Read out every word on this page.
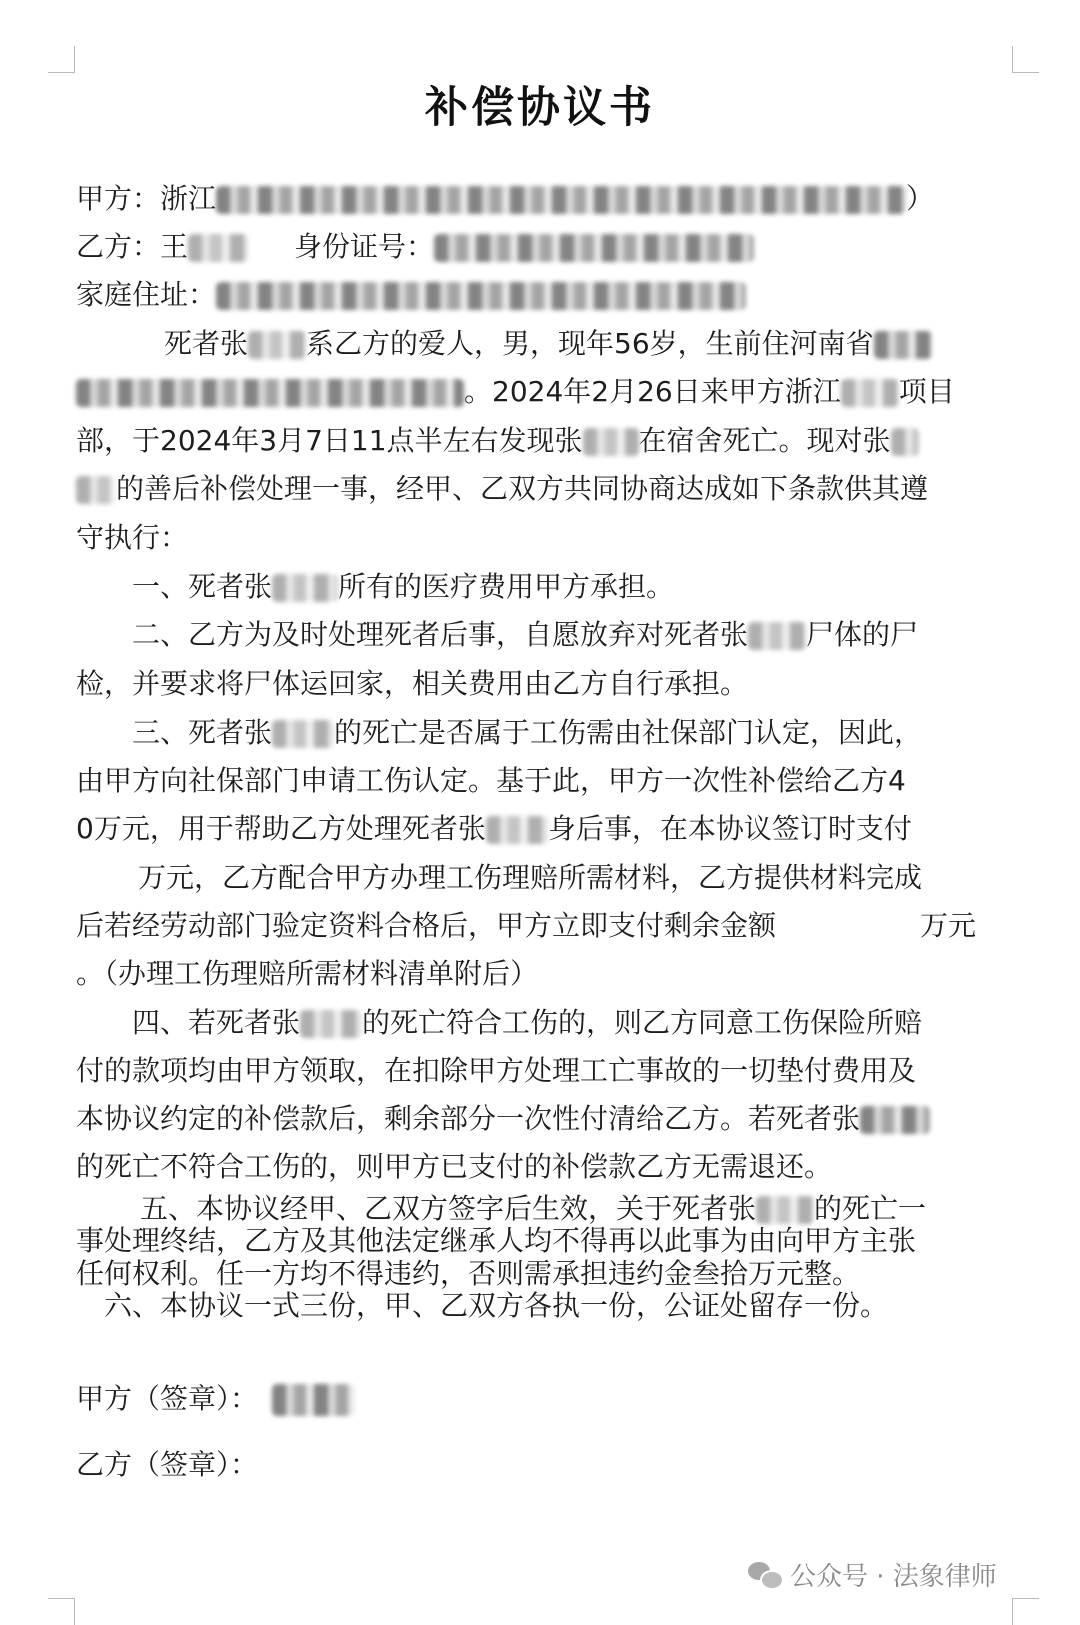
补偿协议书
甲方：浙江	）
乙方：王	身份证号：
家庭住址：
死者张 系乙方的爱人，男，现年56岁，生前住河南省
。2024年2月26日来甲方浙江 项目
部，于2024年3月7日11点半左右发现张 在宿舍死亡。现对张
的善后补偿处理一事，经甲、乙双方共同协商达成如下条款供其遵
守执行：
一、死者张 所有的医疗费用甲方承担。
二、乙方为及时处理死者后事，自愿放弃对死者张 尸体的尸
检，并要求将尸体运回家，相关费用由乙方自行承担。
三、死者张 的死亡是否属于工伤需由社保部门认定，因此，
由甲方向社保部门申请工伤认定。基于此，甲方一次性补偿给乙方4
0万元，用于帮助乙方处理死者张 身后事，在本协议签订时支付
万元，乙方配合甲方办理工伤理赔所需材料，乙方提供材料完成
后若经劳动部门验定资料合格后，甲方立即支付剩余金额	万元
。（办理工伤理赔所需材料清单附后）
四、若死者张 的死亡符合工伤的，则乙方同意工伤保险所赔
付的款项均由甲方领取，在扣除甲方处理工亡事故的一切垫付费用及
本协议约定的补偿款后，剩余部分一次性付清给乙方。若死者张
的死亡不符合工伤的，则甲方已支付的补偿款乙方无需退还。
五、本协议经甲、乙双方签字后生效，关于死者张 的死亡一
事处理终结，乙方及其他法定继承人均不得再以此事为由向甲方主张
任何权利。任一方均不得违约，否则需承担违约金叁拾万元整。
六、本协议一式三份，甲、乙双方各执一份，公证处留存一份。
甲方（签章）：
乙方（签章）：
公众号 · 法象律师
